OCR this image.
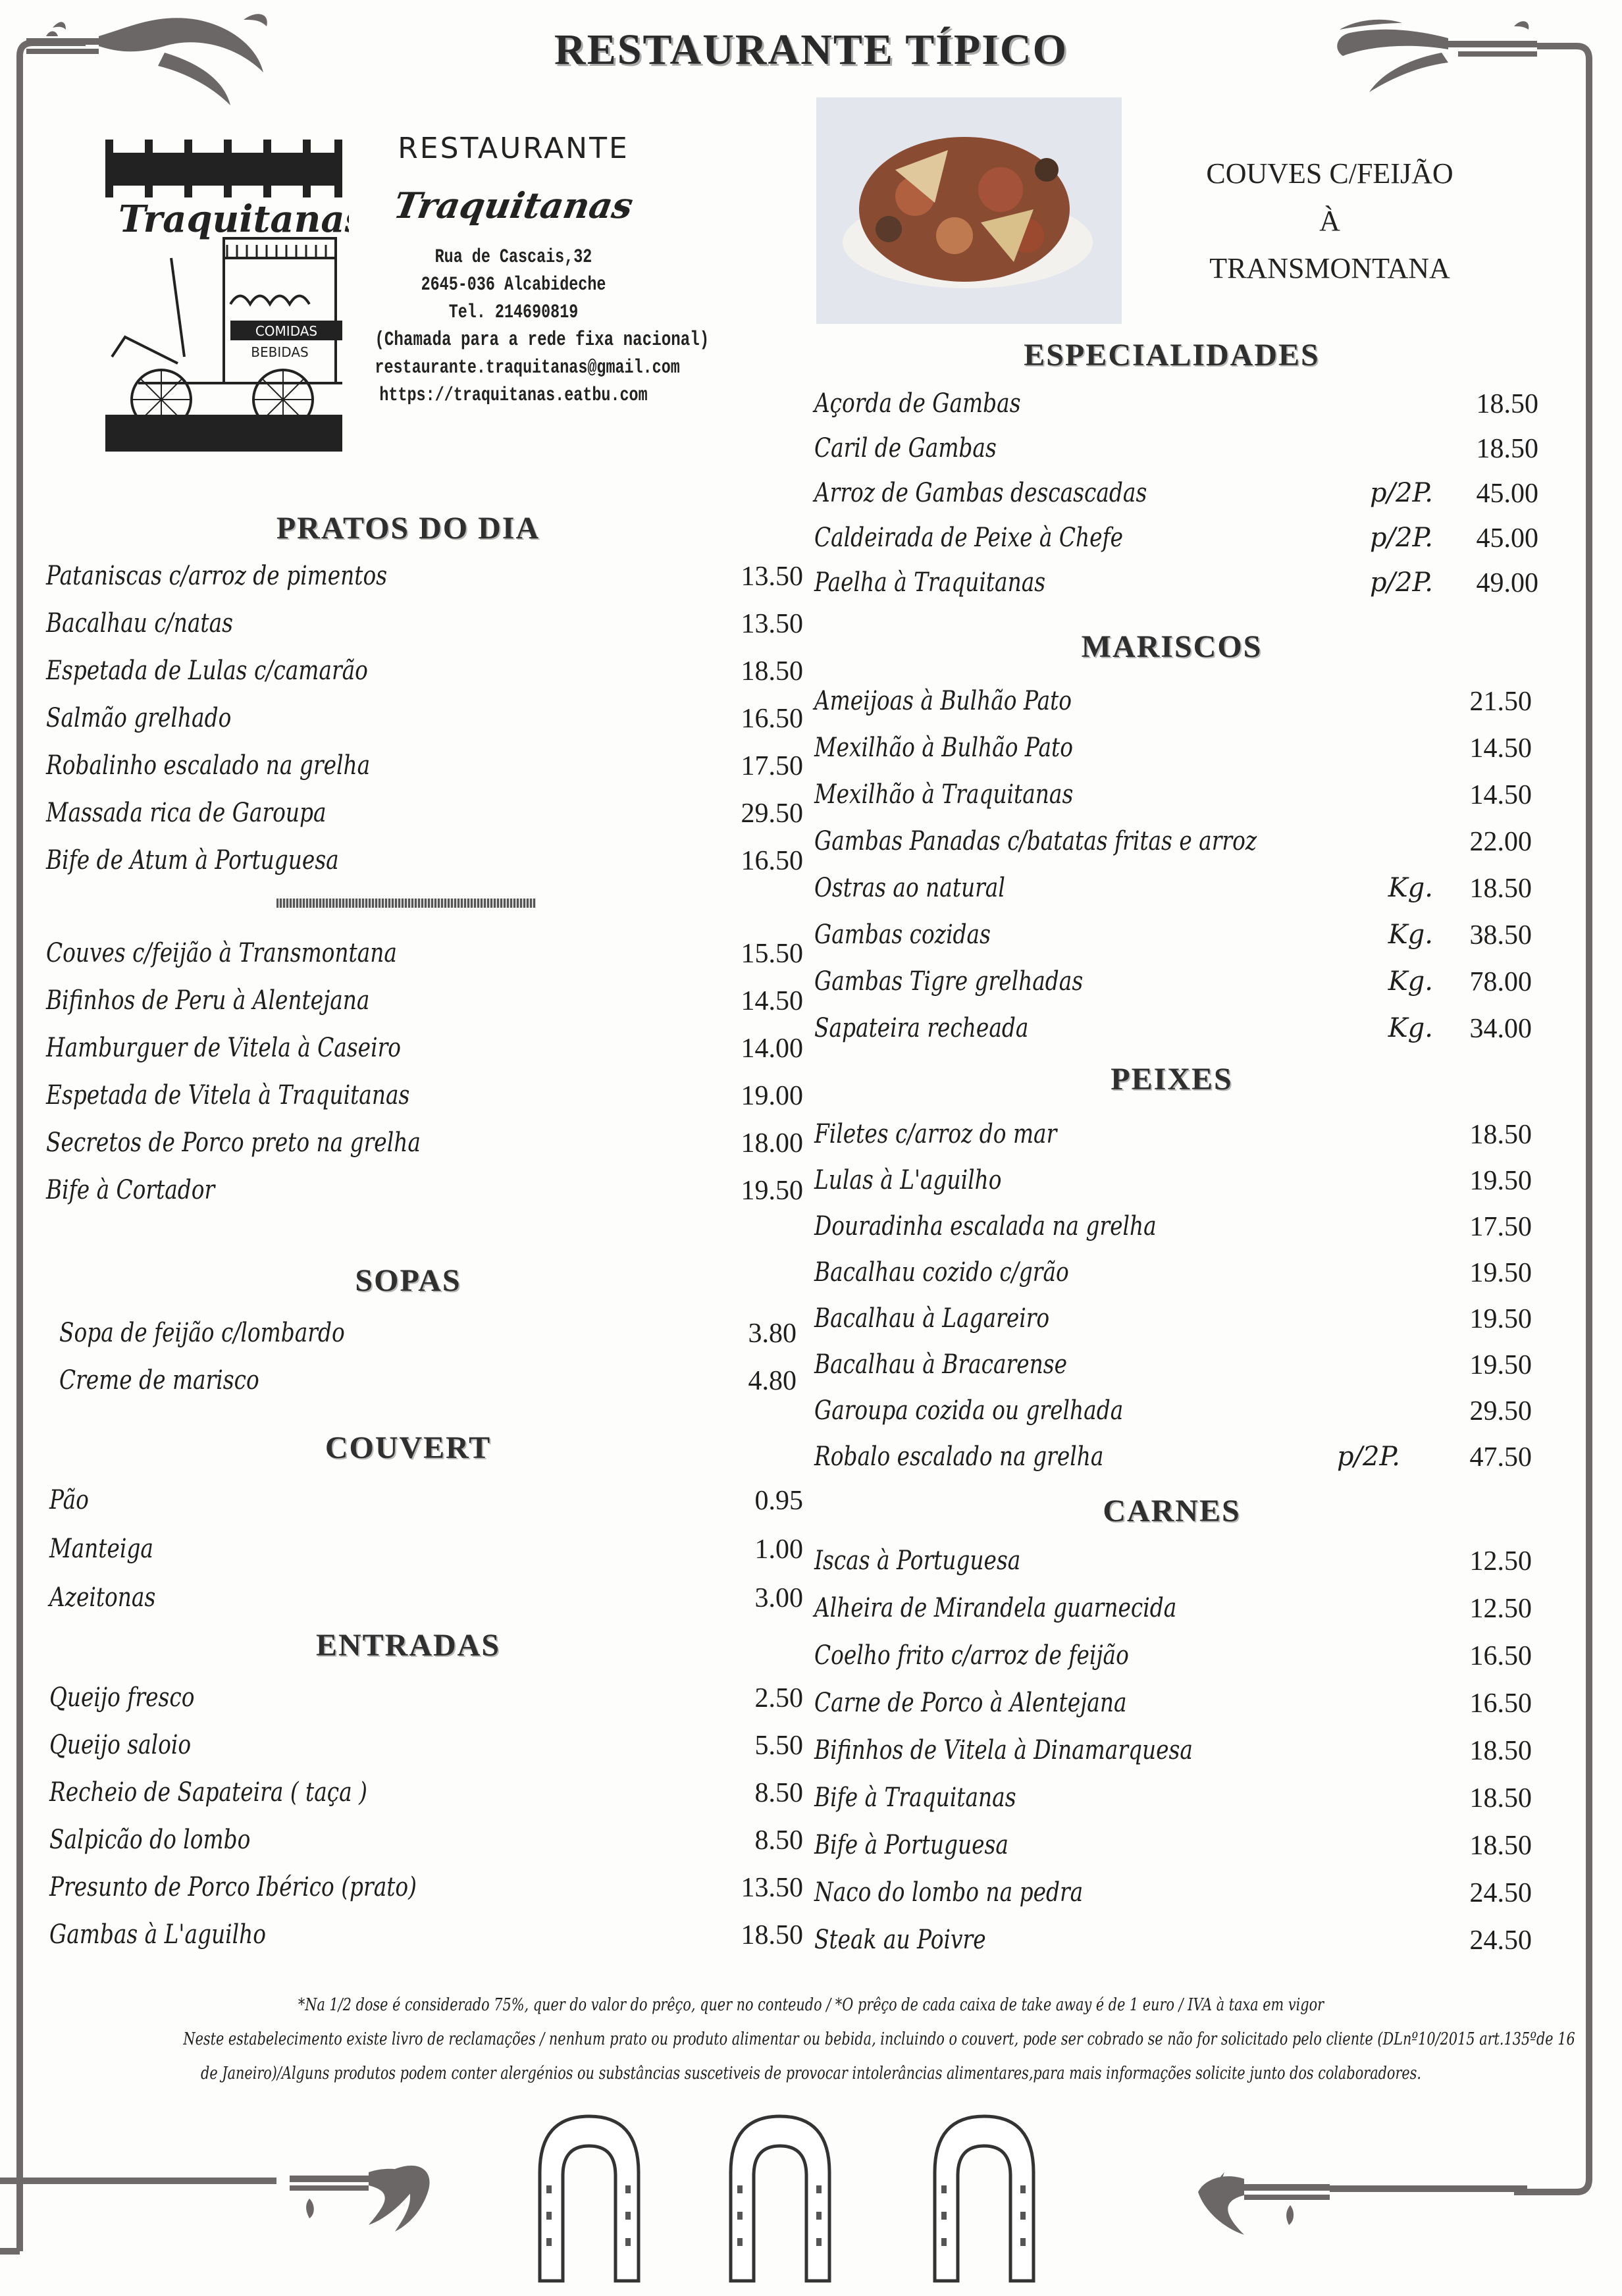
RESTAURANTE TÍPICO
Traquitanas
COMIDAS
BEBIDAS
RESTAURANTE
Traquitanas
Rua de Cascais,32
2645-036 Alcabideche
Tel. 214690819
(Chamada para a rede fixa nacional)
restaurante.traquitanas@gmail.com
https://traquitanas.eatbu.com
COUVES C/FEIJÃO
À
TRANSMONTANA
PRATOS DO DIA
Pataniscas c/arroz de pimentos	13.50
Bacalhau c/natas	13.50
Espetada de Lulas c/camarão	18.50
Salmão grelhado	16.50
Robalinho escalado na grelha	17.50
Massada rica de Garoupa	29.50
Bife de Atum à Portuguesa	16.50
Couves c/feijão à Transmontana	15.50
Bifinhos de Peru à Alentejana	14.50
Hamburguer de Vitela à Caseiro	14.00
Espetada de Vitela à Traquitanas	19.00
Secretos de Porco preto na grelha	18.00
Bife à Cortador	19.50
SOPAS
Sopa de feijão c/lombardo	3.80
Creme de marisco	4.80
COUVERT
Pão	0.95
Manteiga	1.00
Azeitonas	3.00
ENTRADAS
Queijo fresco	2.50
Queijo saloio	5.50
Recheio de Sapateira ( taça )	8.50
Salpicão do lombo	8.50
Presunto de Porco Ibérico (prato)	13.50
Gambas à L'aguilho	18.50
ESPECIALIDADES
Açorda de Gambas	18.50
Caril de Gambas	18.50
Arroz de Gambas descascadas	p/2P.	45.00
Caldeirada de Peixe à Chefe	p/2P.	45.00
Paelha à Traquitanas	p/2P.	49.00
MARISCOS
Ameijoas à Bulhão Pato	21.50
Mexilhão à Bulhão Pato	14.50
Mexilhão à Traquitanas	14.50
Gambas Panadas c/batatas fritas e arroz	22.00
Ostras ao natural	Kg.	18.50
Gambas cozidas	Kg.	38.50
Gambas Tigre grelhadas	Kg.	78.00
Sapateira recheada	Kg.	34.00
PEIXES
Filetes c/arroz do mar	18.50
Lulas à L'aguilho	19.50
Douradinha escalada na grelha	17.50
Bacalhau cozido c/grão	19.50
Bacalhau à Lagareiro	19.50
Bacalhau à Bracarense	19.50
Garoupa cozida ou grelhada	29.50
Robalo escalado na grelha	p/2P.	47.50
CARNES
Iscas à Portuguesa	12.50
Alheira de Mirandela guarnecida	12.50
Coelho frito c/arroz de feijão	16.50
Carne de Porco à Alentejana	16.50
Bifinhos de Vitela à Dinamarquesa	18.50
Bife à Traquitanas	18.50
Bife à Portuguesa	18.50
Naco do lombo na pedra	24.50
Steak au Poivre	24.50
*Na 1/2 dose é considerado 75%, quer do valor do prêço, quer no conteudo / *O prêço de cada caixa de take away é de 1 euro / IVA à taxa em vigor
Neste estabelecimento existe livro de reclamações / nenhum prato ou produto alimentar ou bebida, incluindo o couvert, pode ser cobrado se não for solicitado pelo cliente (DLnº10/2015 art.135ºde 16
de Janeiro)/Alguns produtos podem conter alergénios ou substâncias suscetiveis de provocar intolerâncias alimentares,para mais informações solicite junto dos colaboradores.
